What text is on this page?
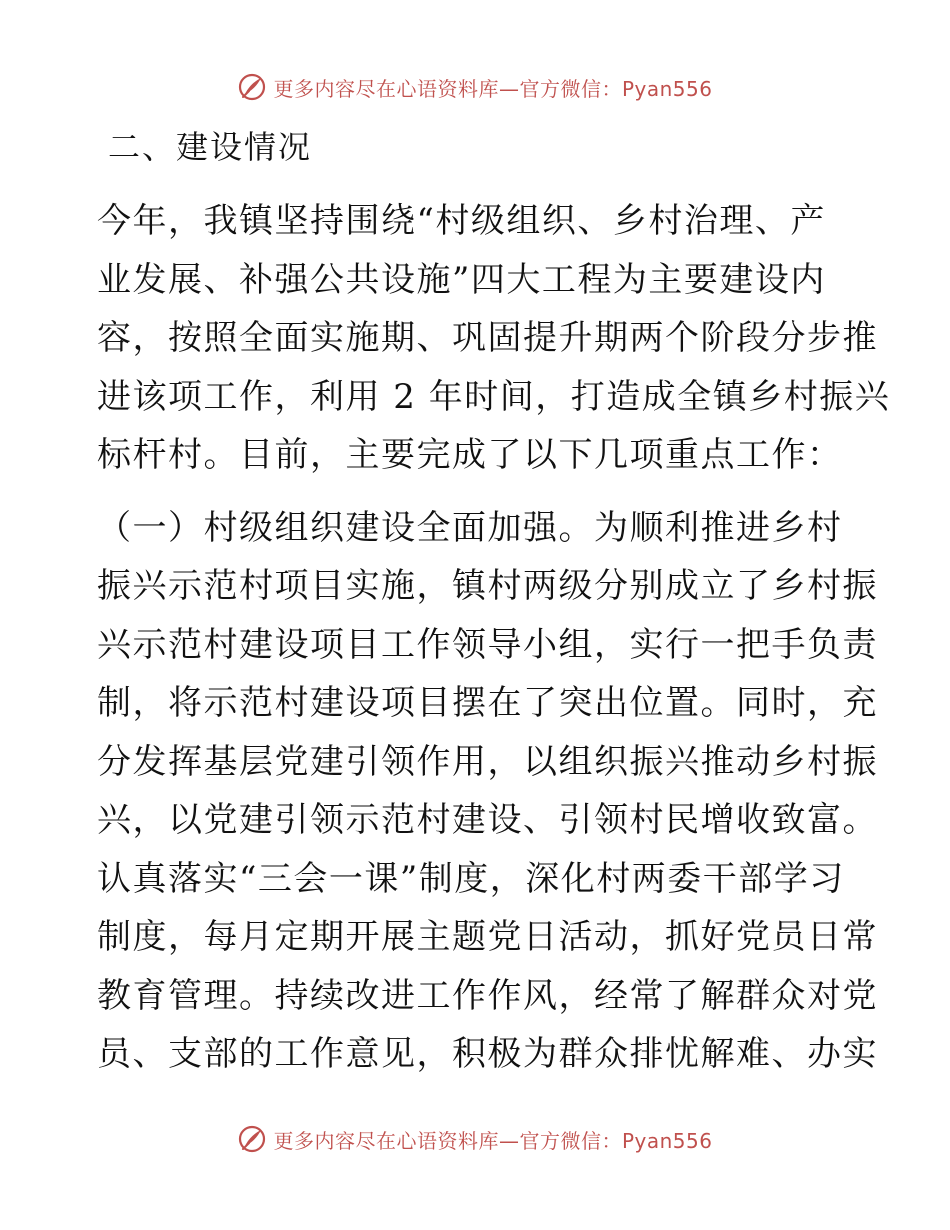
更多内容尽在心语资料库—官方微信：Pyan556
二、建设情况
今年，我镇坚持围绕“村级组织、乡村治理、产
业发展、补强公共设施”四大工程为主要建设内
容，按照全面实施期、巩固提升期两个阶段分步推
进该项工作，利用 2 年时间，打造成全镇乡村振兴
标杆村。目前，主要完成了以下几项重点工作：
（一）村级组织建设全面加强。为顺利推进乡村
振兴示范村项目实施，镇村两级分别成立了乡村振
兴示范村建设项目工作领导小组，实行一把手负责
制，将示范村建设项目摆在了突出位置。同时，充
分发挥基层党建引领作用，以组织振兴推动乡村振
兴，以党建引领示范村建设、引领村民增收致富。
认真落实“三会一课”制度，深化村两委干部学习
制度，每月定期开展主题党日活动，抓好党员日常
教育管理。持续改进工作作风，经常了解群众对党
员、支部的工作意见，积极为群众排忧解难、办实
更多内容尽在心语资料库—官方微信：Pyan556
